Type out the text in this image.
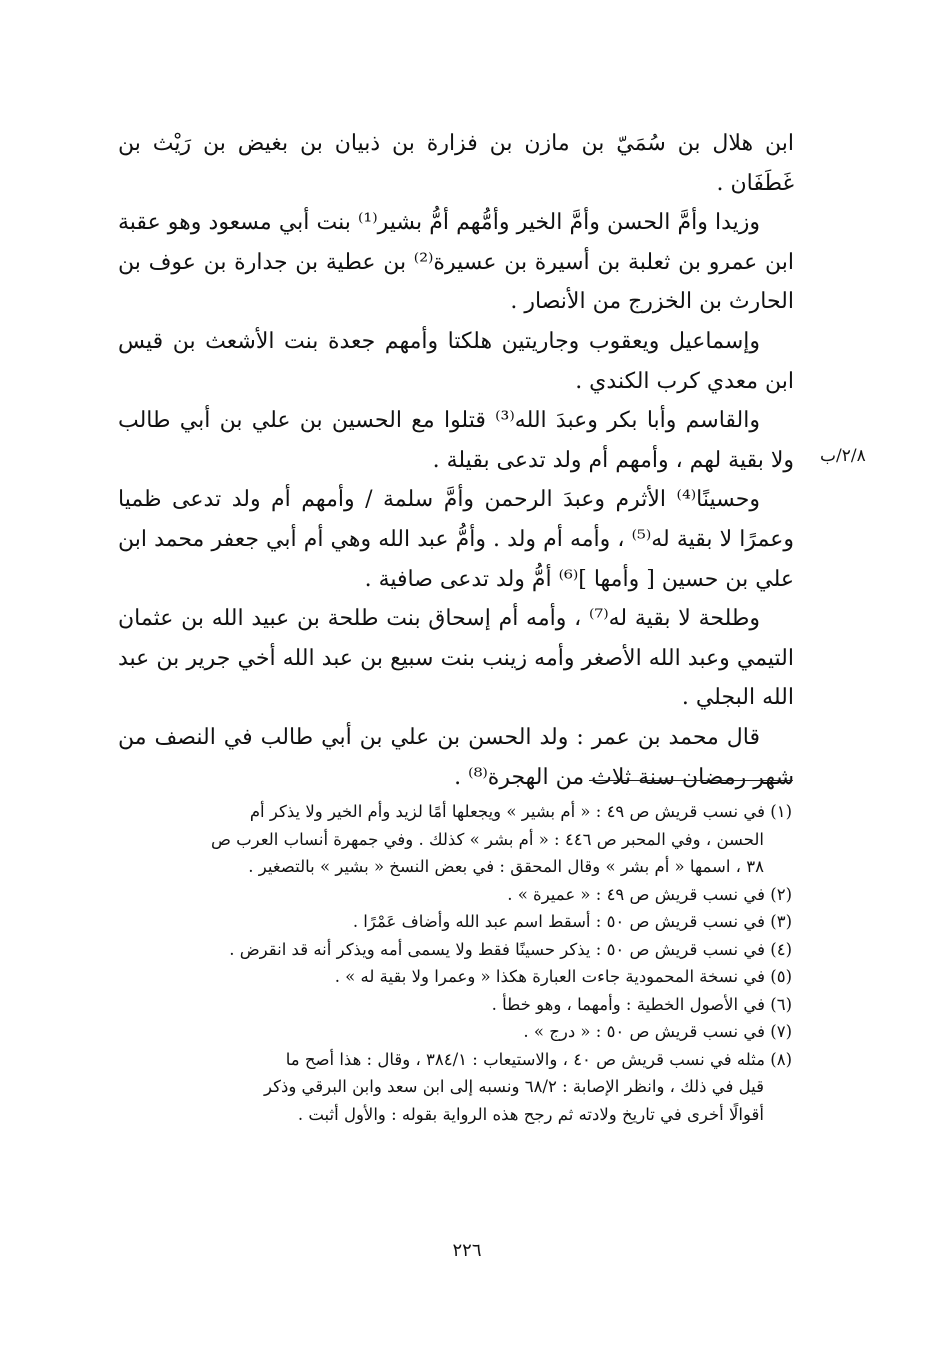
ابن هلال بن سُمَيّ بن مازن بن فزارة بن ذبيان بن بغيض بن رَيْث بن غَطَفَان .

وزيدا وأمَّ الحسن وأمَّ الخير وأمُّهم أمُّ بشير⁽¹⁾ بنت أبي مسعود وهو عقبة ابن عمرو بن ثعلبة بن أسيرة بن عسيرة⁽²⁾ بن عطية بن جدارة بن عوف بن الحارث بن الخزرج من الأنصار .

وإسماعيل ويعقوب وجاريتين هلكتا وأمهم جعدة بنت الأشعث بن قيس ابن معدي كرب الكندي .

والقاسم وأبا بكر وعبدَ الله⁽³⁾ قتلوا مع الحسين بن علي بن أبي طالب ولا بقية لهم ، وأمهم أم ولد تدعى بقيلة .

وحسينًا⁽⁴⁾ الأثرم وعبدَ الرحمن وأمَّ سلمة / وأمهم أم ولد تدعى ظميا وعمرًا لا بقية له⁽⁵⁾ ، وأمه أم ولد . وأمُّ عبد الله وهي أم أبي جعفر محمد ابن علي بن حسين [ وأمها ]⁽⁶⁾ أمُّ ولد تدعى صافية .

وطلحة لا بقية له⁽⁷⁾ ، وأمه أم إسحاق بنت طلحة بن عبيد الله بن عثمان التيمي وعبد الله الأصغر وأمه زينب بنت سبيع بن عبد الله أخي جرير بن عبد الله البجلي .

قال محمد بن عمر : ولد الحسن بن علي بن أبي طالب في النصف من شهر رمضان سنة ثلاث من الهجرة⁽⁸⁾ .

٢/٨/ب

(١) في نسب قريش ص ٤٩ : « أم بشير » ويجعلها أمًا لزيد وأم الخير ولا يذكر أم
الحسن ، وفي المحبر ص ٤٤٦ : « أم بشر » كذلك . وفي جمهرة أنساب العرب ص
٣٨ ، اسمها « أم بشر » وقال المحقق : في بعض النسخ « بشير » بالتصغير .

(٢) في نسب قريش ص ٤٩ : « عميرة » .

(٣) في نسب قريش ص ٥٠ : أسقط اسم عبد الله وأضاف عَمْرًا .

(٤) في نسب قريش ص ٥٠ : يذكر حسينًا فقط ولا يسمى أمه ويذكر أنه قد انقرض .

(٥) في نسخة المحمودية جاءت العبارة هكذا « وعمرا ولا بقية له » .

(٦) في الأصول الخطية : وأمهما ، وهو خطأ .

(٧) في نسب قريش ص ٥٠ : « درج » .

(٨) مثله في نسب قريش ص ٤٠ ، والاستيعاب : ٣٨٤/١ ، وقال : هذا أصح ما
قيل في ذلك ، وانظر الإصابة : ٦٨/٢ ونسبه إلى ابن سعد وابن البرقي وذكر
أقوالًا أخرى في تاريخ ولادته ثم رجح هذه الرواية بقوله : والأول أثبت .

٢٢٦
